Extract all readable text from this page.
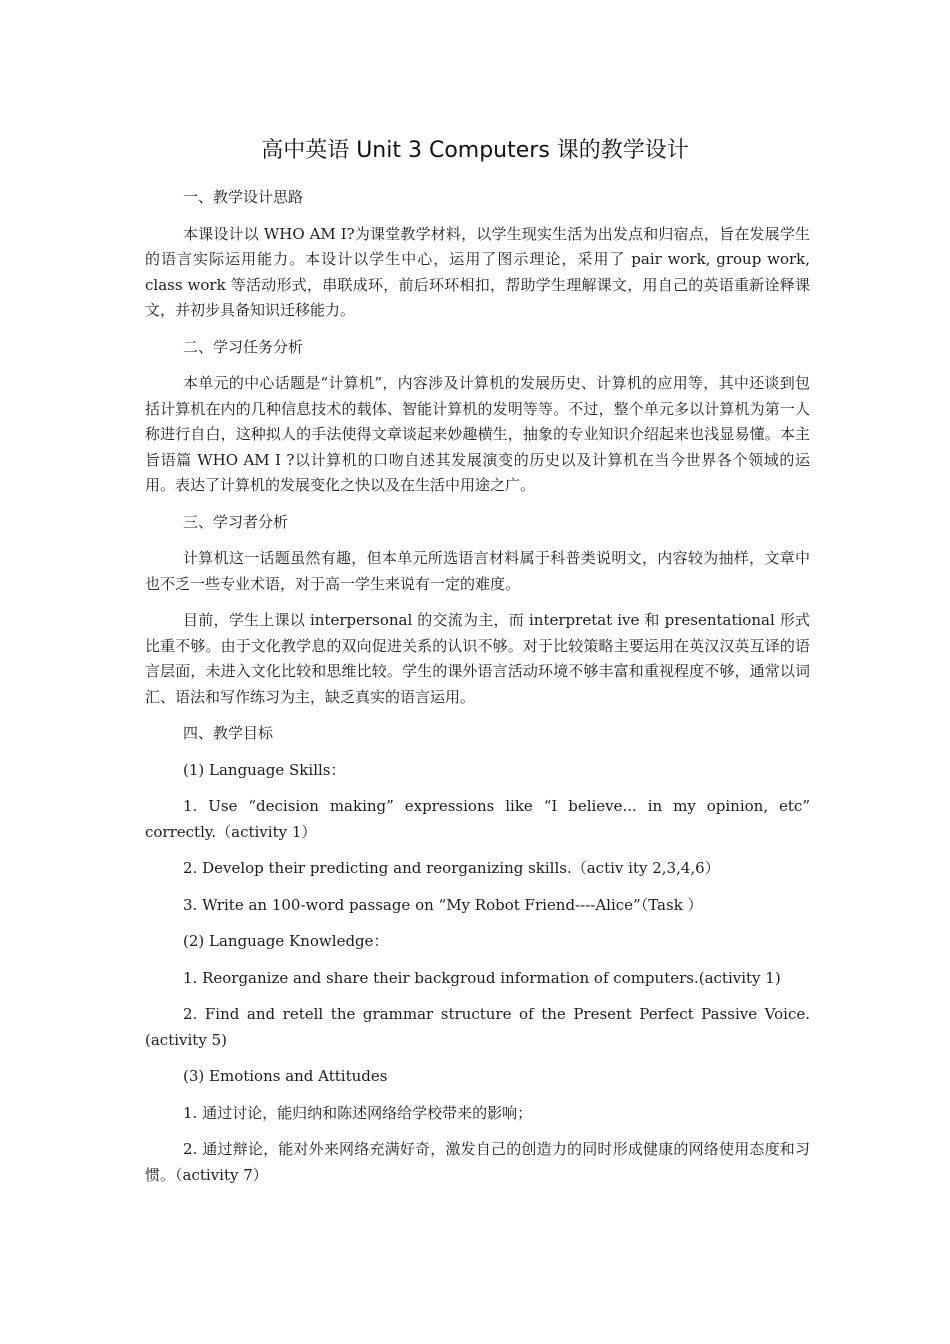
高中英语 Unit 3 Computers 课的教学设计

一、教学设计思路

本课设计以 WHO AM I?为课堂教学材料，以学生现实生活为出发点和归宿点，旨在发展学生的语言实际运用能力。本设计以学生中心，运用了图示理论，采用了 pair work, group work, class work 等活动形式，串联成环，前后环环相扣，帮助学生理解课文，用自己的英语重新诠释课文，并初步具备知识迁移能力。

二、学习任务分析

本单元的中心话题是“计算机”，内容涉及计算机的发展历史、计算机的应用等，其中还谈到包括计算机在内的几种信息技术的载体、智能计算机的发明等等。不过，整个单元多以计算机为第一人称进行自白，这种拟人的手法使得文章谈起来妙趣横生，抽象的专业知识介绍起来也浅显易懂。本主旨语篇 WHO AM I ?以计算机的口吻自述其发展演变的历史以及计算机在当今世界各个领域的运用。表达了计算机的发展变化之快以及在生活中用途之广。

三、学习者分析

计算机这一话题虽然有趣，但本单元所选语言材料属于科普类说明文，内容较为抽样，文章中也不乏一些专业术语，对于高一学生来说有一定的难度。

目前，学生上课以 interpersonal 的交流为主，而 interpretat ive 和 presentational 形式比重不够。由于文化教学息的双向促进关系的认识不够。对于比较策略主要运用在英汉汉英互译的语言层面，未进入文化比较和思维比较。学生的课外语言活动环境不够丰富和重视程度不够，通常以词汇、语法和写作练习为主，缺乏真实的语言运用。

四、教学目标

(1) Language Skills：

1. Use “decision making” expressions like “I believe... in my opinion, etc” correctly.（activity 1）

2. Develop their predicting and reorganizing skills.（activ ity 2,3,4,6）

3. Write an 100-word passage on “My Robot Friend----Alice”（Task ）

(2) Language Knowledge：

1. Reorganize and share their backgroud information of computers.(activity 1)

2. Find and retell the grammar structure of the Present Perfect Passive Voice. (activity 5)

(3) Emotions and Attitudes

1. 通过讨论，能归纳和陈述网络给学校带来的影响；

2. 通过辩论，能对外来网络充满好奇，激发自己的创造力的同时形成健康的网络使用态度和习惯。（activity 7）
